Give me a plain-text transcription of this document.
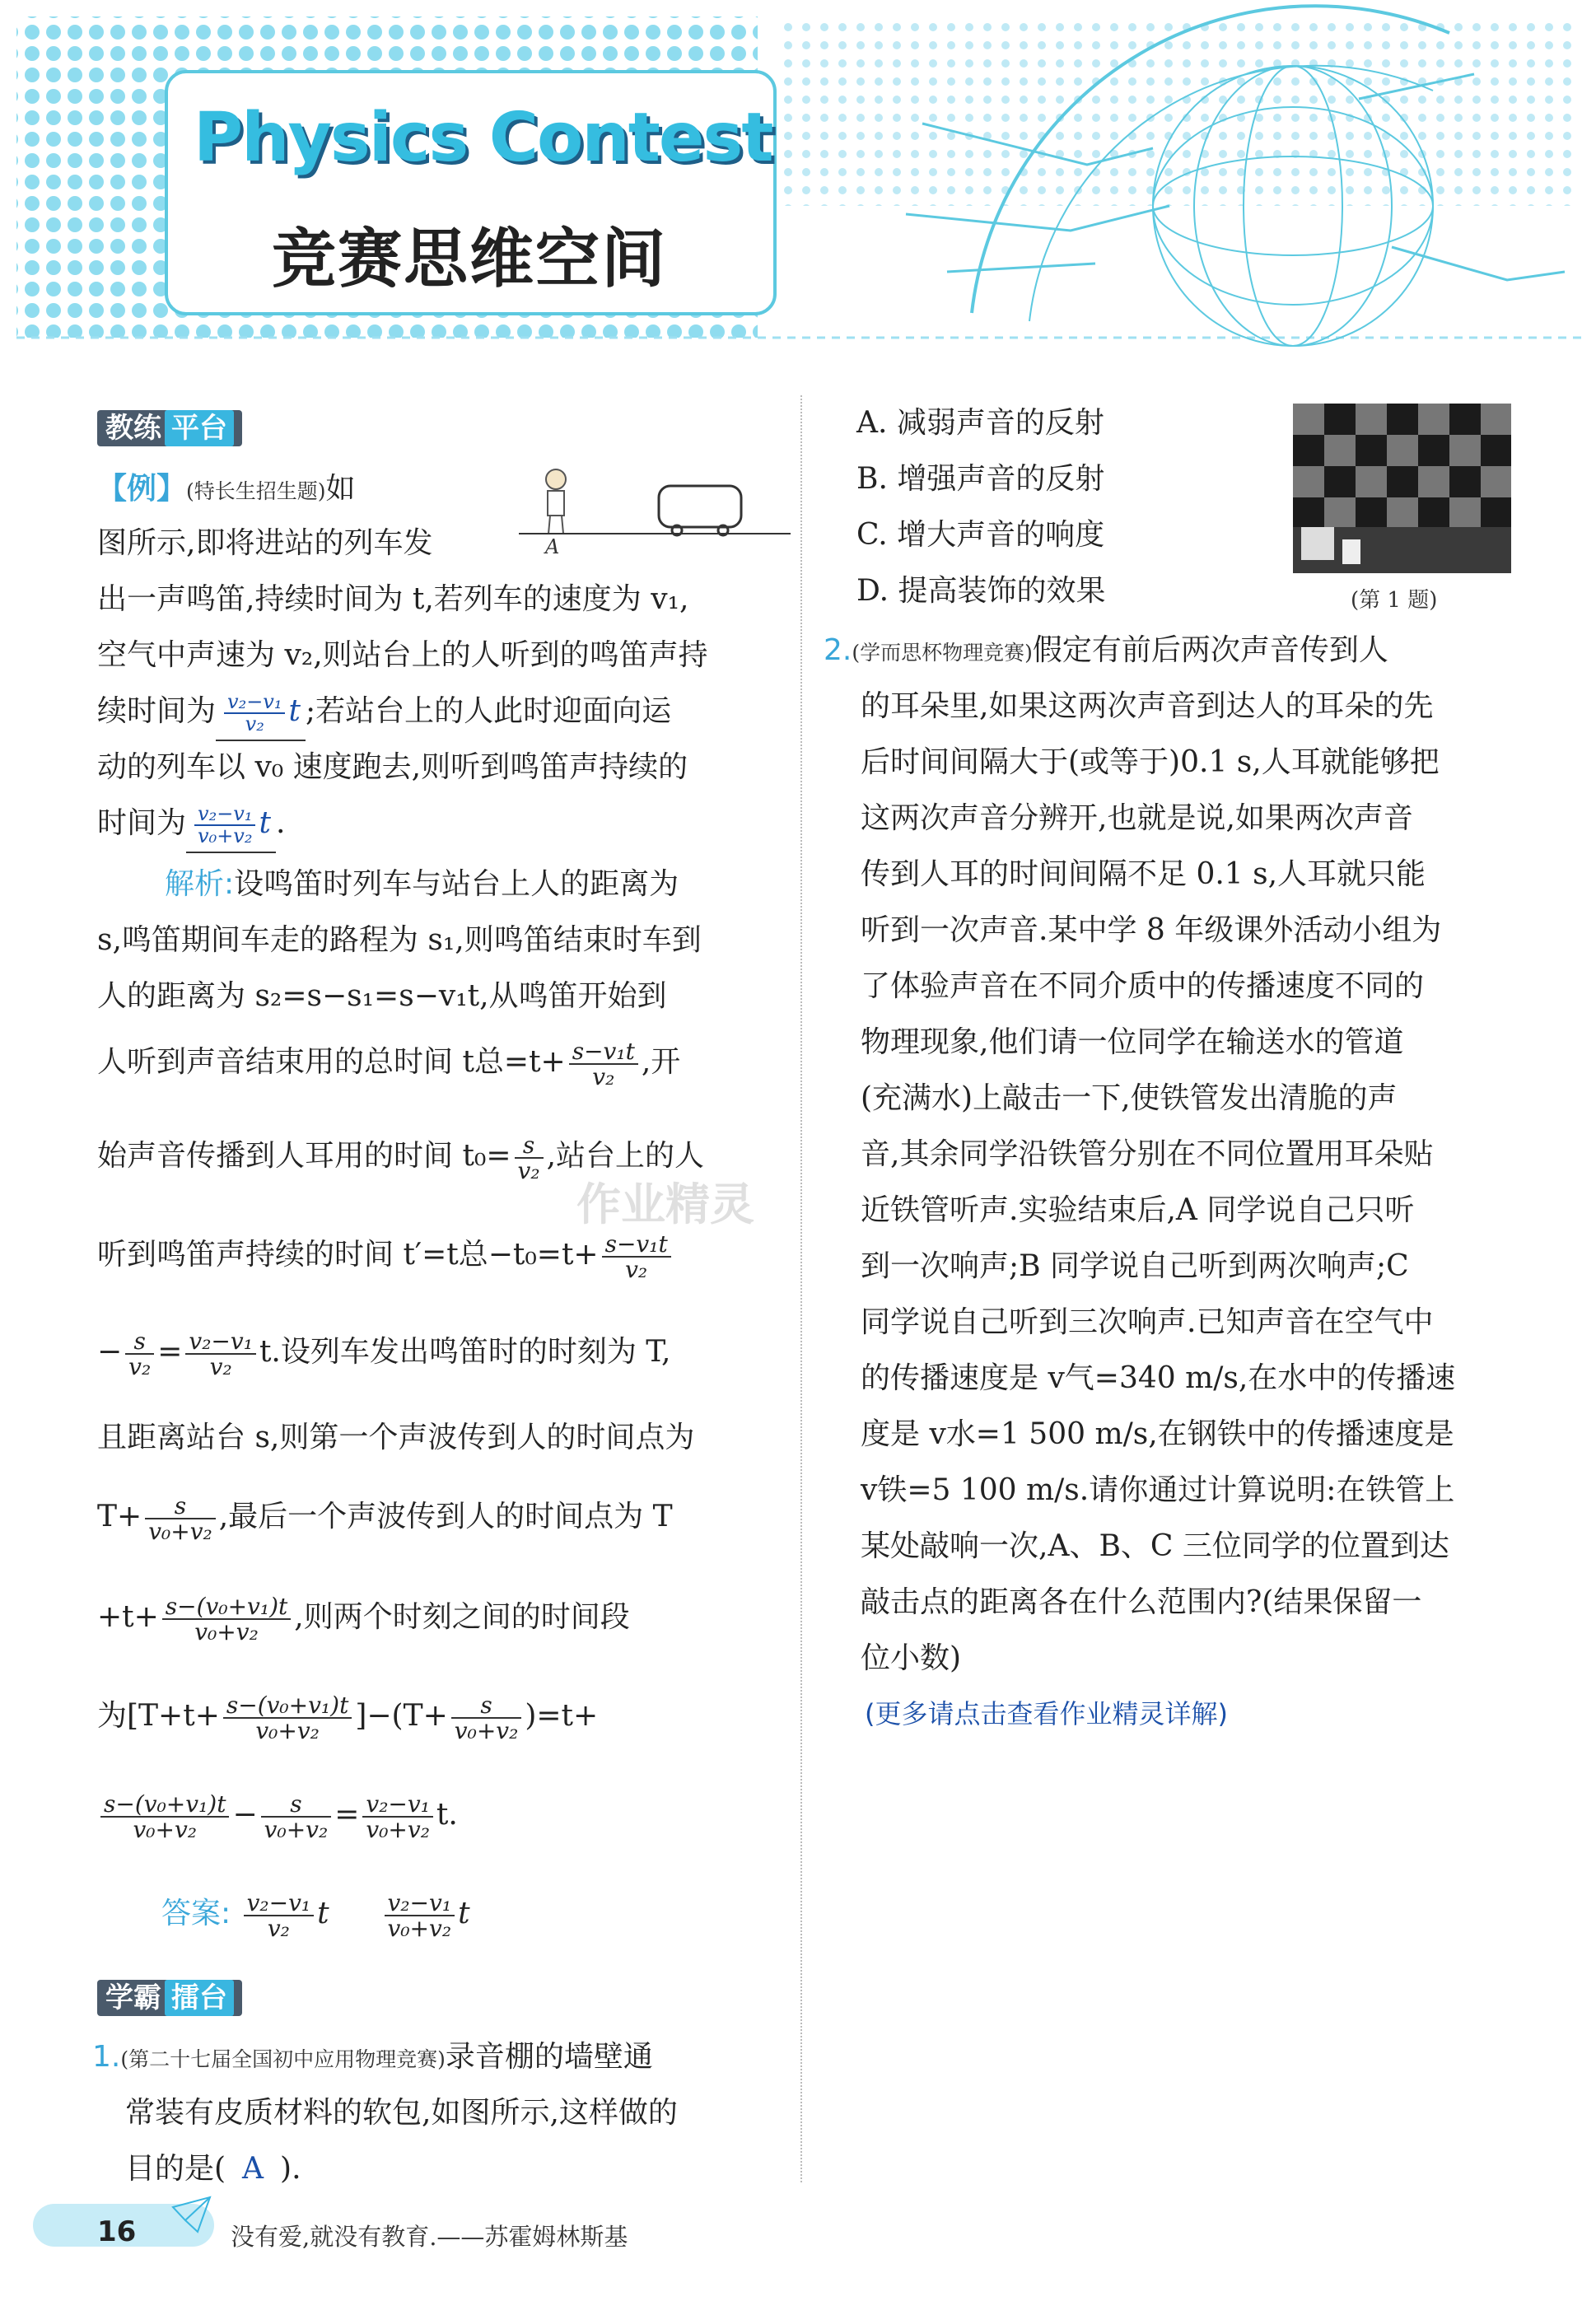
Physics Contest
竞赛思维空间
教练 平台
【例】(特长生招生题)如
图所示,即将进站的列车发	A
出一声鸣笛,持续时间为 t,若列车的速度为 v₁,
空气中声速为 v₂,则站台上的人听到的鸣笛声持
续时间为 $\frac{\text{v₂−v₁}}{\text{v₂}}$ t ;若站台上的人此时迎面向运
动的列车以 v₀ 速度跑去,则听到鸣笛声持续的
时间为 $\frac{\text{v₂−v₁}}{\text{v₀+v₂}}$ t .
解析:设鸣笛时列车与站台上人的距离为
s,鸣笛期间车走的路程为 s₁,则鸣笛结束时车到
人的距离为 s₂=s−s₁=s−v₁t,从鸣笛开始到
人听到声音结束用的总时间 t总$=t+ \frac{\text{s−v₁t}}{\text{v₂}}$ ,开
始声音传播到人耳用的时间 $t_0= \frac{s}{\text{v₂}}$ ,站台上的人
听到鸣笛声持续的时间 t′=t总$-t_0=t+ \frac{\text{s−v₁t}}{\text{v₂}}$
− $\frac{s}{\text{v₂}} = \frac{\text{v₂−v₁}}{\text{v₂}} t$.设列车发出鸣笛时的时刻为 T,
且距离站台 s,则第一个声波传到人的时间点为
$T+ \frac{s}{\text{v₀+v₂}}$ ,最后一个声波传到人的时间点为 T
$+t+ \frac{\text{s−(v₀+v₁)t}}{\text{v₀+v₂}}$ ,则两个时刻之间的时间段
为$[T+t+ \frac{\text{s−(v₀+v₁)t}}{\text{v₀+v₂}} ]-(T+ \frac{s}{\text{v₀+v₂}} )=t+$
$\frac{\text{s−(v₀+v₁)t}}{\text{v₀+v₂}} - \frac{s}{\text{v₀+v₂}} = \frac{\text{v₂−v₁}}{\text{v₀+v₂}} t$.
答案: $\frac{\text{v₂−v₁}}{\text{v₂}}$ t $\frac{\text{v₂−v₁}}{\text{v₀+v₂}}$ t
学霸 擂台
1.(第二十七届全国初中应用物理竞赛)录音棚的墙壁通
常装有皮质材料的软包,如图所示,这样做的
目的是( A ).
作业精灵
A. 减弱声音的反射
B. 增强声音的反射
C. 增大声音的响度
D. 提高装饰的效果	(第 1 题)
2.(学而思杯物理竞赛)假定有前后两次声音传到人
的耳朵里,如果这两次声音到达人的耳朵的先
后时间间隔大于(或等于)0.1 s,人耳就能够把
这两次声音分辨开,也就是说,如果两次声音
传到人耳的时间间隔不足 0.1 s,人耳就只能
听到一次声音.某中学 8 年级课外活动小组为
了体验声音在不同介质中的传播速度不同的
物理现象,他们请一位同学在输送水的管道
(充满水)上敲击一下,使铁管发出清脆的声
音,其余同学沿铁管分别在不同位置用耳朵贴
近铁管听声.实验结束后,A 同学说自己只听
到一次响声;B 同学说自己听到两次响声;C
同学说自己听到三次响声.已知声音在空气中
的传播速度是 v气=340 m/s,在水中的传播速
度是 v水=1 500 m/s,在钢铁中的传播速度是
v铁=5 100 m/s.请你通过计算说明:在铁管上
某处敲响一次,A、B、C 三位同学的位置到达
敲击点的距离各在什么范围内?(结果保留一
位小数)
(更多请点击查看作业精灵详解)
16	没有爱,就没有教育.——苏霍姆林斯基
